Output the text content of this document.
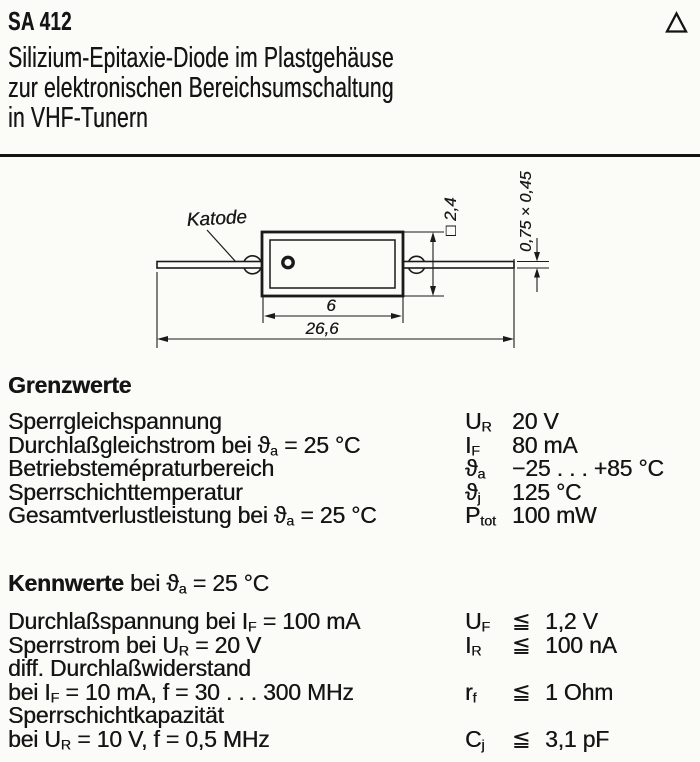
SA 412
Silizium-Epitaxie-Diode im Plastgehäuse
zur elektronischen Bereichsumschaltung
in VHF-Tunern
Katode
6
26,6
□ 2,4	0,75 × 0,45
Grenzwerte
Sperrgleichspannung	$U_R$ 20 V
Durchlaßgleichstrom bei $ϑ_a = 25$ °C	$I_F$	80 mA
Betriebstemépraturbereich	$ϑ_a$	−25 . . . +85 °C
Sperrschichttemperatur	$ϑ_j$	125 °C
Gesamtverlustleistung bei $ϑ_a = 25$ °C	$P_{tot}$ 100 mW
Kennwerte bei $ϑ_a = 25$ °C
Durchlaßspannung bei $I_F = 100$ mA	$U_F$ ≦ 1,2 V
Sperrstrom bei $U_R = 20$ V	$I_R$	≦ 100 nA
diff. Durchlaßwiderstand
bei $I_F = 10$ mA, f = 30 . . . 300 MHz	$r_f$	≦ 1 Ohm
Sperrschichtkapazität
bei $U_R = 10$ V, f = 0,5 MHz	$C_j$	≦ 3,1 pF
